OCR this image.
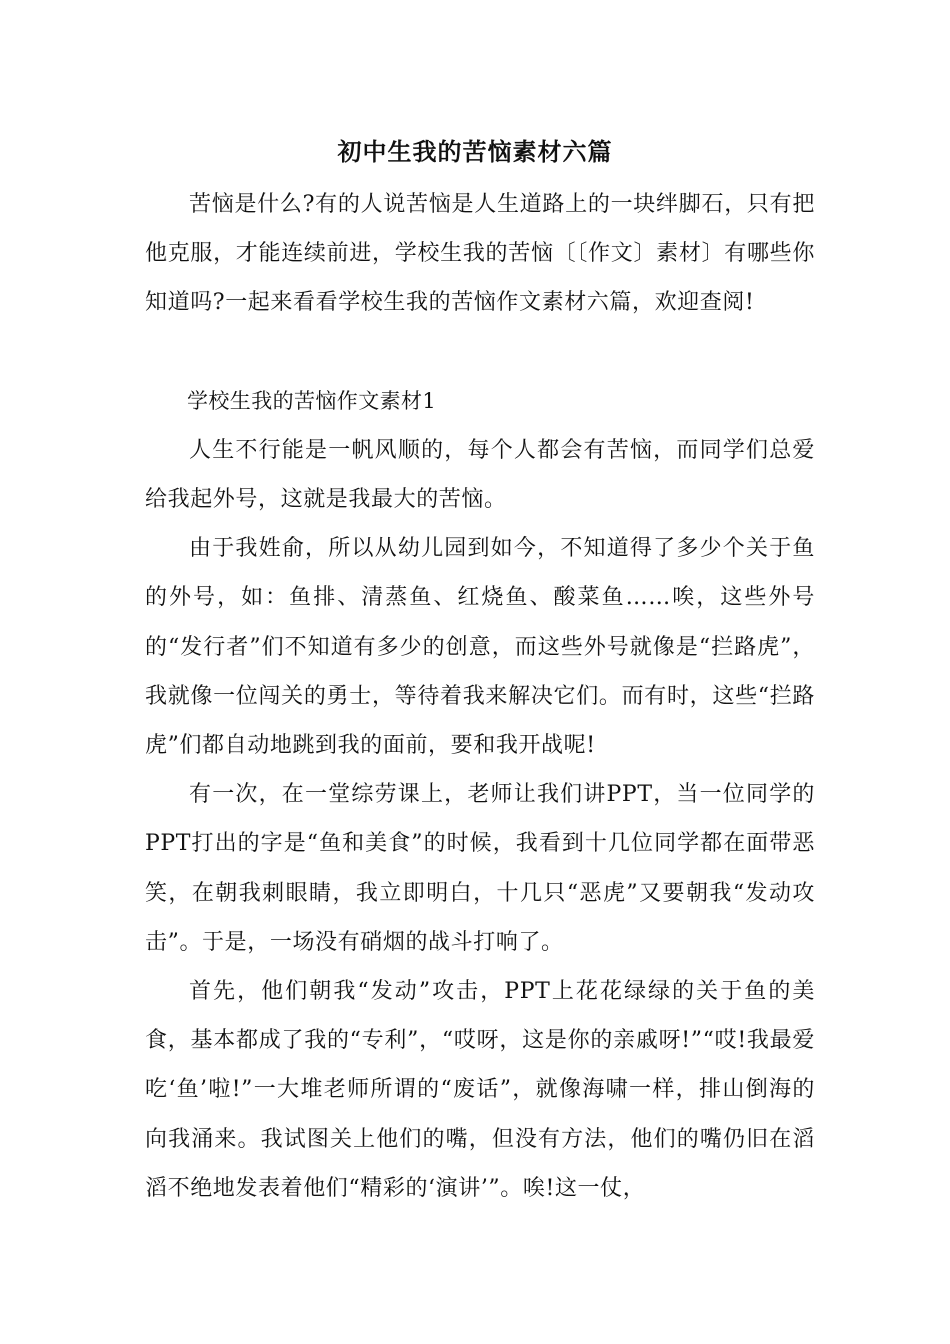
初中生我的苦恼素材六篇

苦恼是什么?有的人说苦恼是人生道路上的一块绊脚石，只有把他克服，才能连续前进，学校生我的苦恼〔〔作文〕素材〕有哪些你知道吗?一起来看看学校生我的苦恼作文素材六篇，欢迎查阅!

学校生我的苦恼作文素材1

人生不行能是一帆风顺的，每个人都会有苦恼，而同学们总爱给我起外号，这就是我最大的苦恼。

由于我姓俞，所以从幼儿园到如今，不知道得了多少个关于鱼的外号，如：鱼排、清蒸鱼、红烧鱼、酸菜鱼……唉，这些外号的“发行者”们不知道有多少的创意，而这些外号就像是“拦路虎”，我就像一位闯关的勇士，等待着我来解决它们。而有时，这些“拦路虎”们都自动地跳到我的面前，要和我开战呢!

有一次，在一堂综劳课上，老师让我们讲PPT，当一位同学的PPT打出的字是“鱼和美食”的时候，我看到十几位同学都在面带恶笑，在朝我刺眼睛，我立即明白，十几只“恶虎”又要朝我“发动攻击”。于是，一场没有硝烟的战斗打响了。

首先，他们朝我“发动”攻击，PPT上花花绿绿的关于鱼的美食，基本都成了我的“专利”，“哎呀，这是你的亲戚呀!”“哎!我最爱吃‘鱼’啦!”一大堆老师所谓的“废话”，就像海啸一样，排山倒海的向我涌来。我试图关上他们的嘴，但没有方法，他们的嘴仍旧在滔滔不绝地发表着他们“精彩的‘演讲’”。唉!这一仗，
